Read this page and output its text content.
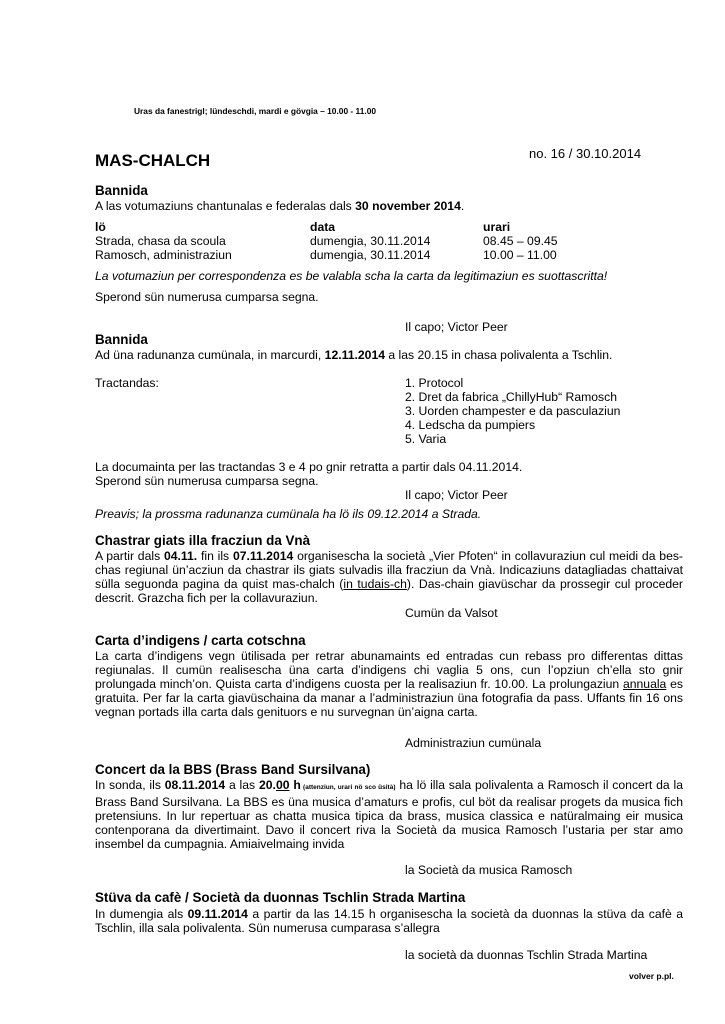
Uras da fanestrigl; lündeschdi, mardi e gövgia – 10.00 - 11.00
MAS-CHALCH	no. 16 / 30.10.2014
Bannida
A las votumaziuns chantunalas e federalas dals 30 november 2014.
lö	data	urari
Strada, chasa da scoula	dumengia, 30.11.2014	08.45 – 09.45
Ramosch, administraziun	dumengia, 30.11.2014	10.00 – 11.00
La votumaziun per correspondenza es be valabla scha la carta da legitimaziun es suottascritta!
Sperond sün numerusa cumparsa segna.
Il capo; Victor Peer
Bannida
Ad üna radunanza cumünala, in marcurdi, 12.11.2014 a las 20.15 in chasa polivalenta a Tschlin.
Tractandas:	1. Protocol
2. Dret da fabrica „ChillyHub“ Ramosch
3. Uorden champester e da pasculaziun
4. Ledscha da pumpiers
5. Varia
La documainta per las tractandas 3 e 4 po gnir retratta a partir dals 04.11.2014.
Sperond sün numerusa cumparsa segna.
Il capo; Victor Peer
Preavis; la prossma radunanza cumünala ha lö ils 09.12.2014 a Strada.
Chastrar giats illa fracziun da Vnà
A partir dals 04.11. fin ils 07.11.2014 organisescha la società „Vier Pfoten“ in collavuraziun cul meidi da bes-chas regiunal ün’acziun da chastrar ils giats sulvadis illa fracziun da Vnà. Indicaziuns datagliadas chattaivat sülla seguonda pagina da quist mas-chalch (in tudais-ch). Das-chain giavüschar da prossegir cul proceder descrit. Grazcha fich per la collavuraziun.
Cumün da Valsot
Carta d’indigens / carta cotschna
La carta d’indigens vegn ütilisada per retrar abunamaints ed entradas cun rebass pro differentas dittas regiunalas. Il cumün realisescha üna carta d’indigens chi vaglia 5 ons, cun l’opziun ch’ella sto gnir prolungada minch’on. Quista carta d’indigens cuosta per la realisaziun fr. 10.00. La prolungaziun annuala es gratuita. Per far la carta giavüschaina da manar a l’administraziun üna fotografia da pass. Uffants fin 16 ons vegnan portads illa carta dals genituors e nu survegnan ün’aigna carta.
Administraziun cumünala
Concert da la BBS (Brass Band Sursilvana)
In sonda, ils 08.11.2014 a las 20.00 h (attenziun, urari nö sco üsità) ha lö illa sala polivalenta a Ramosch il concert da la Brass Band Sursilvana. La BBS es üna musica d’amaturs e profis, cul böt da realisar progets da musica fich pretensiuns. In lur repertuar as chatta musica tipica da brass, musica classica e natüralmaing eir musica contenporana da divertimaint. Davo il concert riva la Società da musica Ramosch l’ustaria per star amo insembel da cumpagnia. Amiaivelmaing invida
la Società da musica Ramosch
Stüva da cafè / Società da duonnas Tschlin Strada Martina
In dumengia als 09.11.2014 a partir da las 14.15 h organisescha la società da duonnas la stüva da cafè a Tschlin, illa sala polivalenta. Sün numerusa cumparasa s’allegra
la società da duonnas Tschlin Strada Martina
volver p.pl.
